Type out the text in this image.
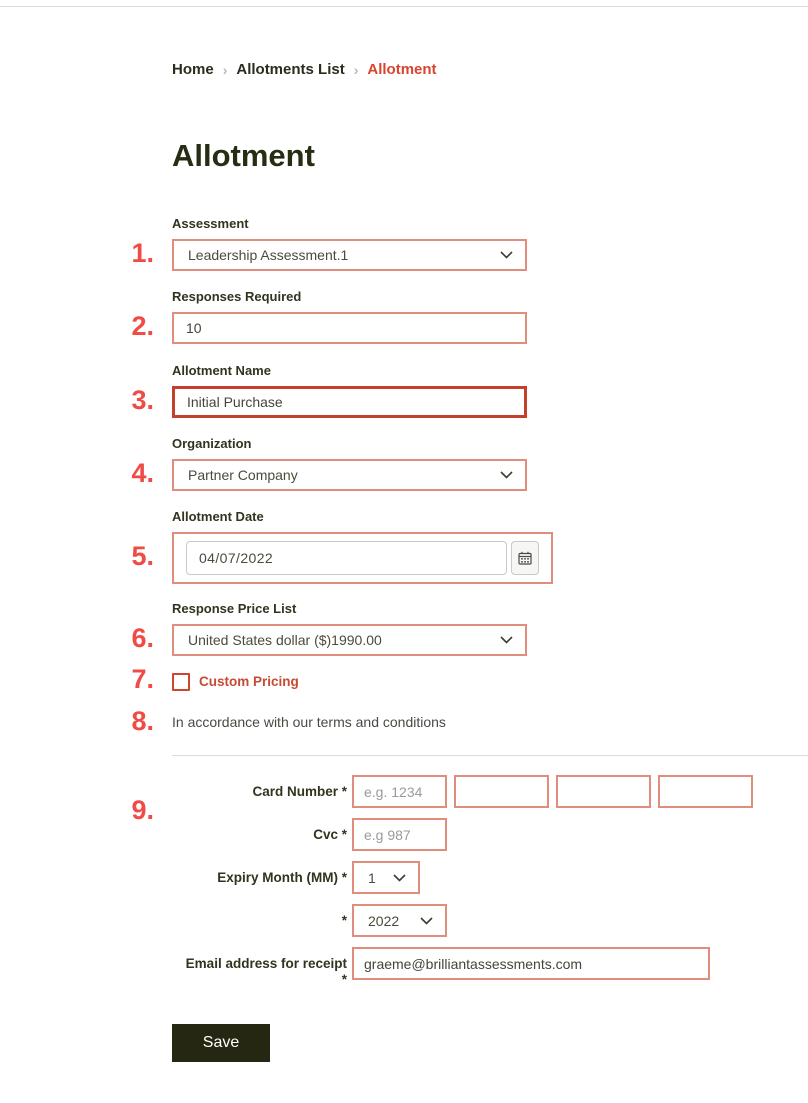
Home › Allotments List › Allotment
Allotment
1.
Assessment
Leadership Assessment.1
2.
Responses Required
10
3.
Allotment Name
Initial Purchase
4.
Organization
Partner Company
5.
Allotment Date
04/07/2022
6.
Response Price List
United States dollar ($)1990.00
7.	Custom Pricing
8. In accordance with our terms and conditions
9.
Card Number *
e.g. 1234
Cvc *
e.g 987
Expiry Month (MM) * 1
* 2022
Email address for receipt
*
graeme@brilliantassessments.com
Save
